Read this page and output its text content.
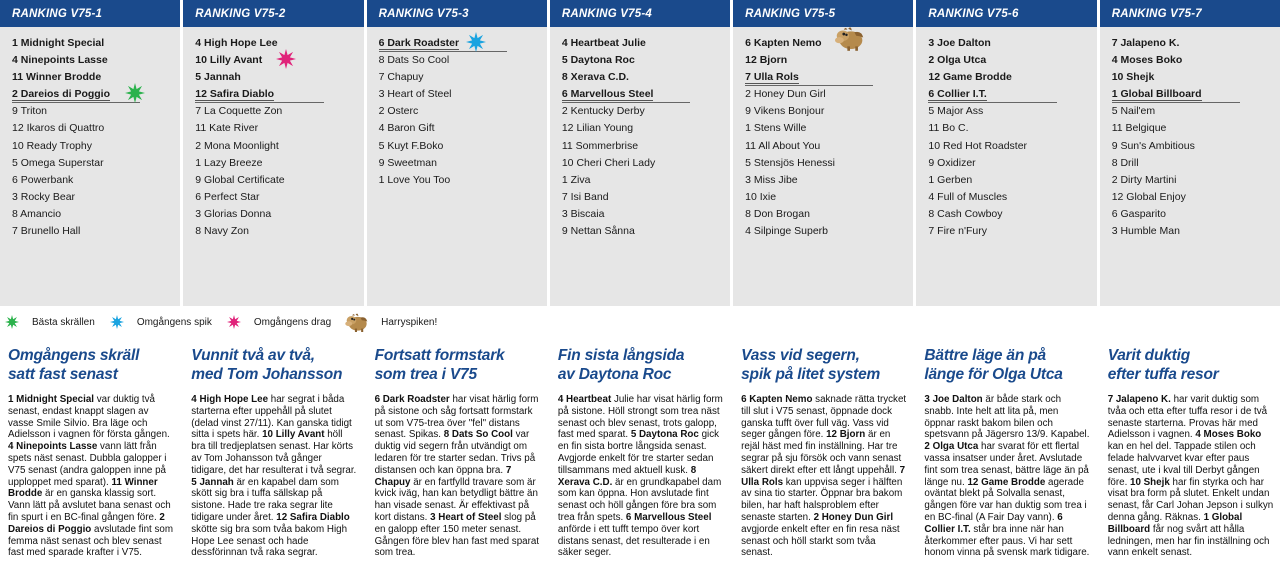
RANKING V75-1
1 Midnight Special
4 Ninepoints Lasse
11 Winner Brodde
2 Dareios di Poggio
9 Triton
12 Ikaros di Quattro
10 Ready Trophy
5 Omega Superstar
6 Powerbank
3 Rocky Bear
8 Amancio
7 Brunello Hall
RANKING V75-2
4 High Hope Lee
10 Lilly Avant
5 Jannah
12 Safira Diablo
7 La Coquette Zon
11 Kate River
2 Mona Moonlight
1 Lazy Breeze
9 Global Certificate
6 Perfect Star
3 Glorias Donna
8 Navy Zon
RANKING V75-3
6 Dark Roadster
8 Dats So Cool
7 Chapuy
3 Heart of Steel
2 Osterc
4 Baron Gift
5 Kuyt F.Boko
9 Sweetman
1 Love You Too
RANKING V75-4
4 Heartbeat Julie
5 Daytona Roc
8 Xerava C.D.
6 Marvellous Steel
2 Kentucky Derby
12 Lilian Young
11 Sommerbrise
10 Cheri Cheri Lady
1 Ziva
7 Isi Band
3 Biscaia
9 Nettan Sånna
RANKING V75-5
6 Kapten Nemo
12 Bjorn
7 Ulla Rols
2 Honey Dun Girl
9 Vikens Bonjour
1 Stens Wille
11 All About You
5 Stensjös Henessi
3 Miss Jibe
10 Ixie
8 Don Brogan
4 Silpinge Superb
RANKING V75-6
3 Joe Dalton
2 Olga Utca
12 Game Brodde
6 Collier I.T.
5 Major Ass
11 Bo C.
10 Red Hot Roadster
9 Oxidizer
1 Gerben
4 Full of Muscles
8 Cash Cowboy
7 Fire n'Fury
RANKING V75-7
7 Jalapeno K.
4 Moses Boko
10 Shejk
1 Global Billboard
5 Nail'em
11 Belgique
9 Sun's Ambitious
8 Drill
2 Dirty Martini
12 Global Enjoy
6 Gasparito
3 Humble Man
Bästa skrällen	Omgångens spik	Omgångens drag	Harryspiken!
Omgångens skräll
satt fast senast

1 Midnight Special var duktig två senast, endast knappt slagen av vasse Smile Silvio. Bra läge och Adielsson i vagnen för första gången. 4 Ninepoints Lasse vann lätt från spets näst senast. Dubbla galopper i V75 senast (andra galoppen inne på upploppet med sparat). 11 Winner Brodde är en ganska klassig sort. Vann lätt på avslutet bana senast och fin spurt i en BC-final gången före. 2 Dareios di Poggio avslutade fint som femma näst senast och blev senast fast med sparade krafter i V75.

Vunnit två av två,
med Tom Johansson

4 High Hope Lee har segrat i båda starterna efter uppehåll på slutet (delad vinst 27/11). Kan ganska tidigt sitta i spets här. 10 Lilly Avant höll bra till tredjeplatsen senast. Har körts av Tom Johansson två gånger tidigare, det har resulterat i två segrar. 5 Jannah är en kapabel dam som skött sig bra i tuffa sällskap på sistone. Hade tre raka segrar lite tidigare under året. 12 Safira Diablo skötte sig bra som tvåa bakom High Hope Lee senast och hade dessförinnan två raka segrar.

Fortsatt formstark
som trea i V75

6 Dark Roadster har visat härlig form på sistone och såg fortsatt formstark ut som V75-trea över "fel" distans senast. Spikas. 8 Dats So Cool var duktig vid segern från utvändigt om ledaren för tre starter sedan. Trivs på distansen och kan öppna bra. 7 Chapuy är en fartfylld travare som är kvick iväg, han kan betydligt bättre än han visade senast. Är effektivast på kort distans. 3 Heart of Steel slog på en galopp efter 150 meter senast. Gången före blev han fast med sparat som trea.

Fin sista långsida
av Daytona Roc

4 Heartbeat Julie har visat härlig form på sistone. Höll strongt som trea näst senast och blev senast, trots galopp, fast med sparat. 5 Daytona Roc gick en fin sista bortre långsida senast. Avgjorde enkelt för tre starter sedan tillsammans med aktuell kusk. 8 Xerava C.D. är en grundkapabel dam som kan öppna. Hon avslutade fint senast och höll gången före bra som trea från spets. 6 Marvellous Steel anförde i ett tufft tempo över kort distans senast, det resulterade i en säker seger.

Vass vid segern,
spik på litet system

6 Kapten Nemo saknade rätta trycket till slut i V75 senast, öppnade dock ganska tufft över full väg. Vass vid seger gången före. 12 Bjorn är en rejäl häst med fin inställning. Har tre segrar på sju försök och vann senast säkert direkt efter ett långt uppehåll. 7 Ulla Rols kan uppvisa seger i hälften av sina tio starter. Öppnar bra bakom bilen, har haft halsproblem efter senaste starten. 2 Honey Dun Girl avgjorde enkelt efter en fin resa näst senast och höll starkt som tvåa senast.

Bättre läge än på
länge för Olga Utca

3 Joe Dalton är både stark och snabb. Inte helt att lita på, men öppnar raskt bakom bilen och spetsvann på Jägersro 13/9. Kapabel. 2 Olga Utca har svarat för ett flertal vassa insatser under året. Avslutade fint som trea senast, bättre läge än på länge nu. 12 Game Brodde agerade oväntat blekt på Solvalla senast, gången före var han duktig som trea i en BC-final (A Fair Day vann). 6 Collier I.T. står bra inne när han återkommer efter paus. Vi har sett honom vinna på svensk mark tidigare.

Varit duktig
efter tuffa resor

7 Jalapeno K. har varit duktig som tvåa och etta efter tuffa resor i de två senaste starterna. Provas här med Adielsson i vagnen. 4 Moses Boko kan en hel del. Tappade stilen och felade halvvarvet kvar efter paus senast, ute i kval till Derbyt gången före. 10 Shejk har fin styrka och har visat bra form på slutet. Enkelt undan senast, får Carl Johan Jepson i sulkyn denna gång. Räknas. 1 Global Billboard får nog svårt att hålla ledningen, men har fin inställning och vann enkelt senast.
